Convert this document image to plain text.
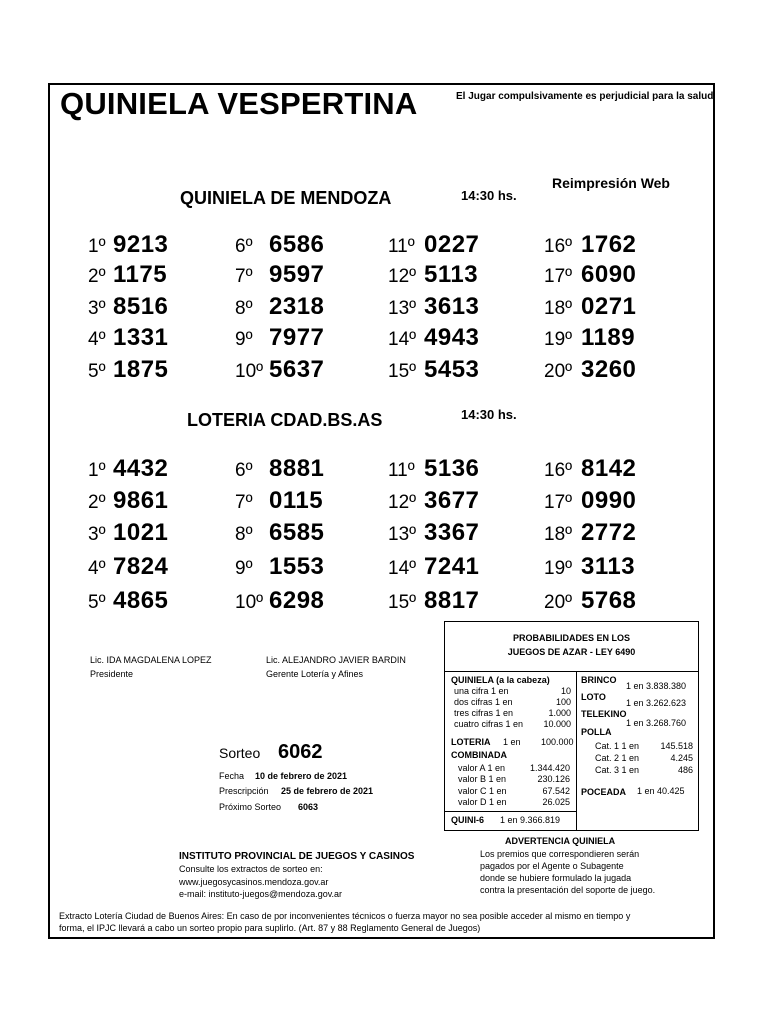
QUINIELA VESPERTINA	El Jugar compulsivamente es perjudicial para la salud
Reimpresión Web
QUINIELA DE MENDOZA	14:30 hs.
1º 9213
2º 1175
3º 8516
4º 1331
5º 1875
6º 6586
7º 9597
8º 2318
9º 7977
10º 5637
11º 0227
12º 5113
13º 3613
14º 4943
15º 5453
16º 1762
17º 6090
18º 0271
19º 1189
20º 3260
LOTERIA CDAD.BS.AS	14:30 hs.
1º 4432
2º 9861
3º 1021
4º 7824
5º 4865
6º 8881
7º 0115
8º 6585
9º 1553
10º 6298
11º 5136
12º 3677
13º 3367
14º 7241
15º 8817
16º 8142
17º 0990
18º 2772
19º 3113
20º 5768
Lic. IDA MAGDALENA LOPEZ
Presidente
Lic. ALEJANDRO JAVIER BARDIN
Gerente Lotería y Afines
Sorteo 6062
Fecha 10 de febrero de 2021
Prescripción 25 de febrero de 2021
Próximo Sorteo 6063
INSTITUTO PROVINCIAL DE JUEGOS Y CASINOS
Consulte los extractos de sorteo en:
www.juegosycasinos.mendoza.gov.ar
e-mail: instituto-juegos@mendoza.gov.ar
PROBABILIDADES EN LOS
JUEGOS DE AZAR - LEY 6490
QUINIELA (a la cabeza)
una cifra 1 en	10
dos cifras 1 en	100
tres cifras 1 en	1.000
cuatro cifras 1 en	10.000
LOTERIA 1 en 100.000
COMBINADA
valor A 1 en	1.344.420
valor B 1 en	230.126
valor C 1 en	67.542
valor D 1 en	26.025
QUINI-6 1 en 9.366.819
BRINCO
1 en 3.838.380
LOTO
1 en 3.262.623
TELEKINO
1 en 3.268.760
POLLA
Cat. 1 1 en	145.518
Cat. 2 1 en	4.245
Cat. 3 1 en	486
POCEADA 1 en 40.425
ADVERTENCIA QUINIELA
Los premios que correspondieren serán
pagados por el Agente o Subagente
donde se hubiere formulado la jugada
contra la presentación del soporte de juego.
Extracto Lotería Ciudad de Buenos Aires: En caso de por inconvenientes técnicos o fuerza mayor no sea posible acceder al mismo en tiempo y
forma, el IPJC llevará a cabo un sorteo propio para suplirlo. (Art. 87 y 88 Reglamento General de Juegos)
